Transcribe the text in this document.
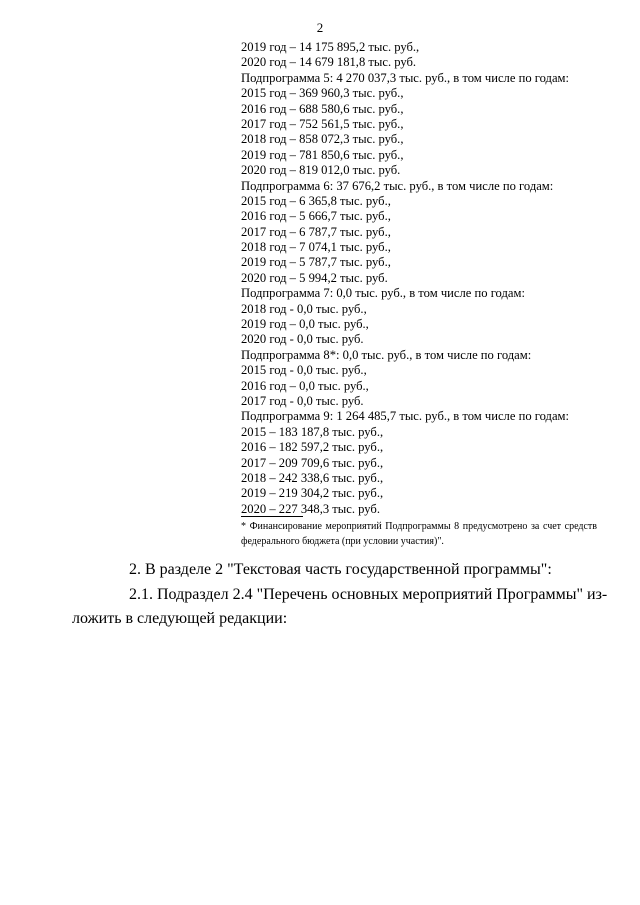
2
2019 год – 14 175 895,2 тыс. руб.,
2020 год – 14 679 181,8 тыс. руб.
Подпрограмма 5: 4 270 037,3 тыс. руб., в том числе по годам:
2015 год – 369 960,3 тыс. руб.,
2016 год – 688 580,6 тыс. руб.,
2017 год – 752 561,5 тыс. руб.,
2018 год – 858 072,3 тыс. руб.,
2019 год – 781 850,6 тыс. руб.,
2020 год – 819 012,0 тыс. руб.
Подпрограмма 6: 37 676,2 тыс. руб., в том числе по годам:
2015 год – 6 365,8 тыс. руб.,
2016 год – 5 666,7 тыс. руб.,
2017 год – 6 787,7 тыс. руб.,
2018 год – 7 074,1 тыс. руб.,
2019 год – 5 787,7 тыс. руб.,
2020 год – 5 994,2 тыс. руб.
Подпрограмма 7: 0,0 тыс. руб., в том числе по годам:
2018 год - 0,0 тыс. руб.,
2019 год – 0,0 тыс. руб.,
2020 год - 0,0 тыс. руб.
Подпрограмма 8*: 0,0 тыс. руб., в том числе по годам:
2015 год - 0,0 тыс. руб.,
2016 год – 0,0 тыс. руб.,
2017 год - 0,0 тыс. руб.
Подпрограмма 9: 1 264 485,7 тыс. руб., в том числе по годам:
2015 – 183 187,8 тыс. руб.,
2016 – 182 597,2 тыс. руб.,
2017 – 209 709,6 тыс. руб.,
2018 – 242 338,6 тыс. руб.,
2019 – 219 304,2 тыс. руб.,
2020 – 227 348,3 тыс. руб.
* Финансирование мероприятий Подпрограммы 8 предусмотрено за счет средств федерального бюджета (при условии участия)".
2. В разделе 2 "Текстовая часть государственной программы":
2.1. Подраздел 2.4 "Перечень основных мероприятий Программы" из-
ложить в следующей редакции:
